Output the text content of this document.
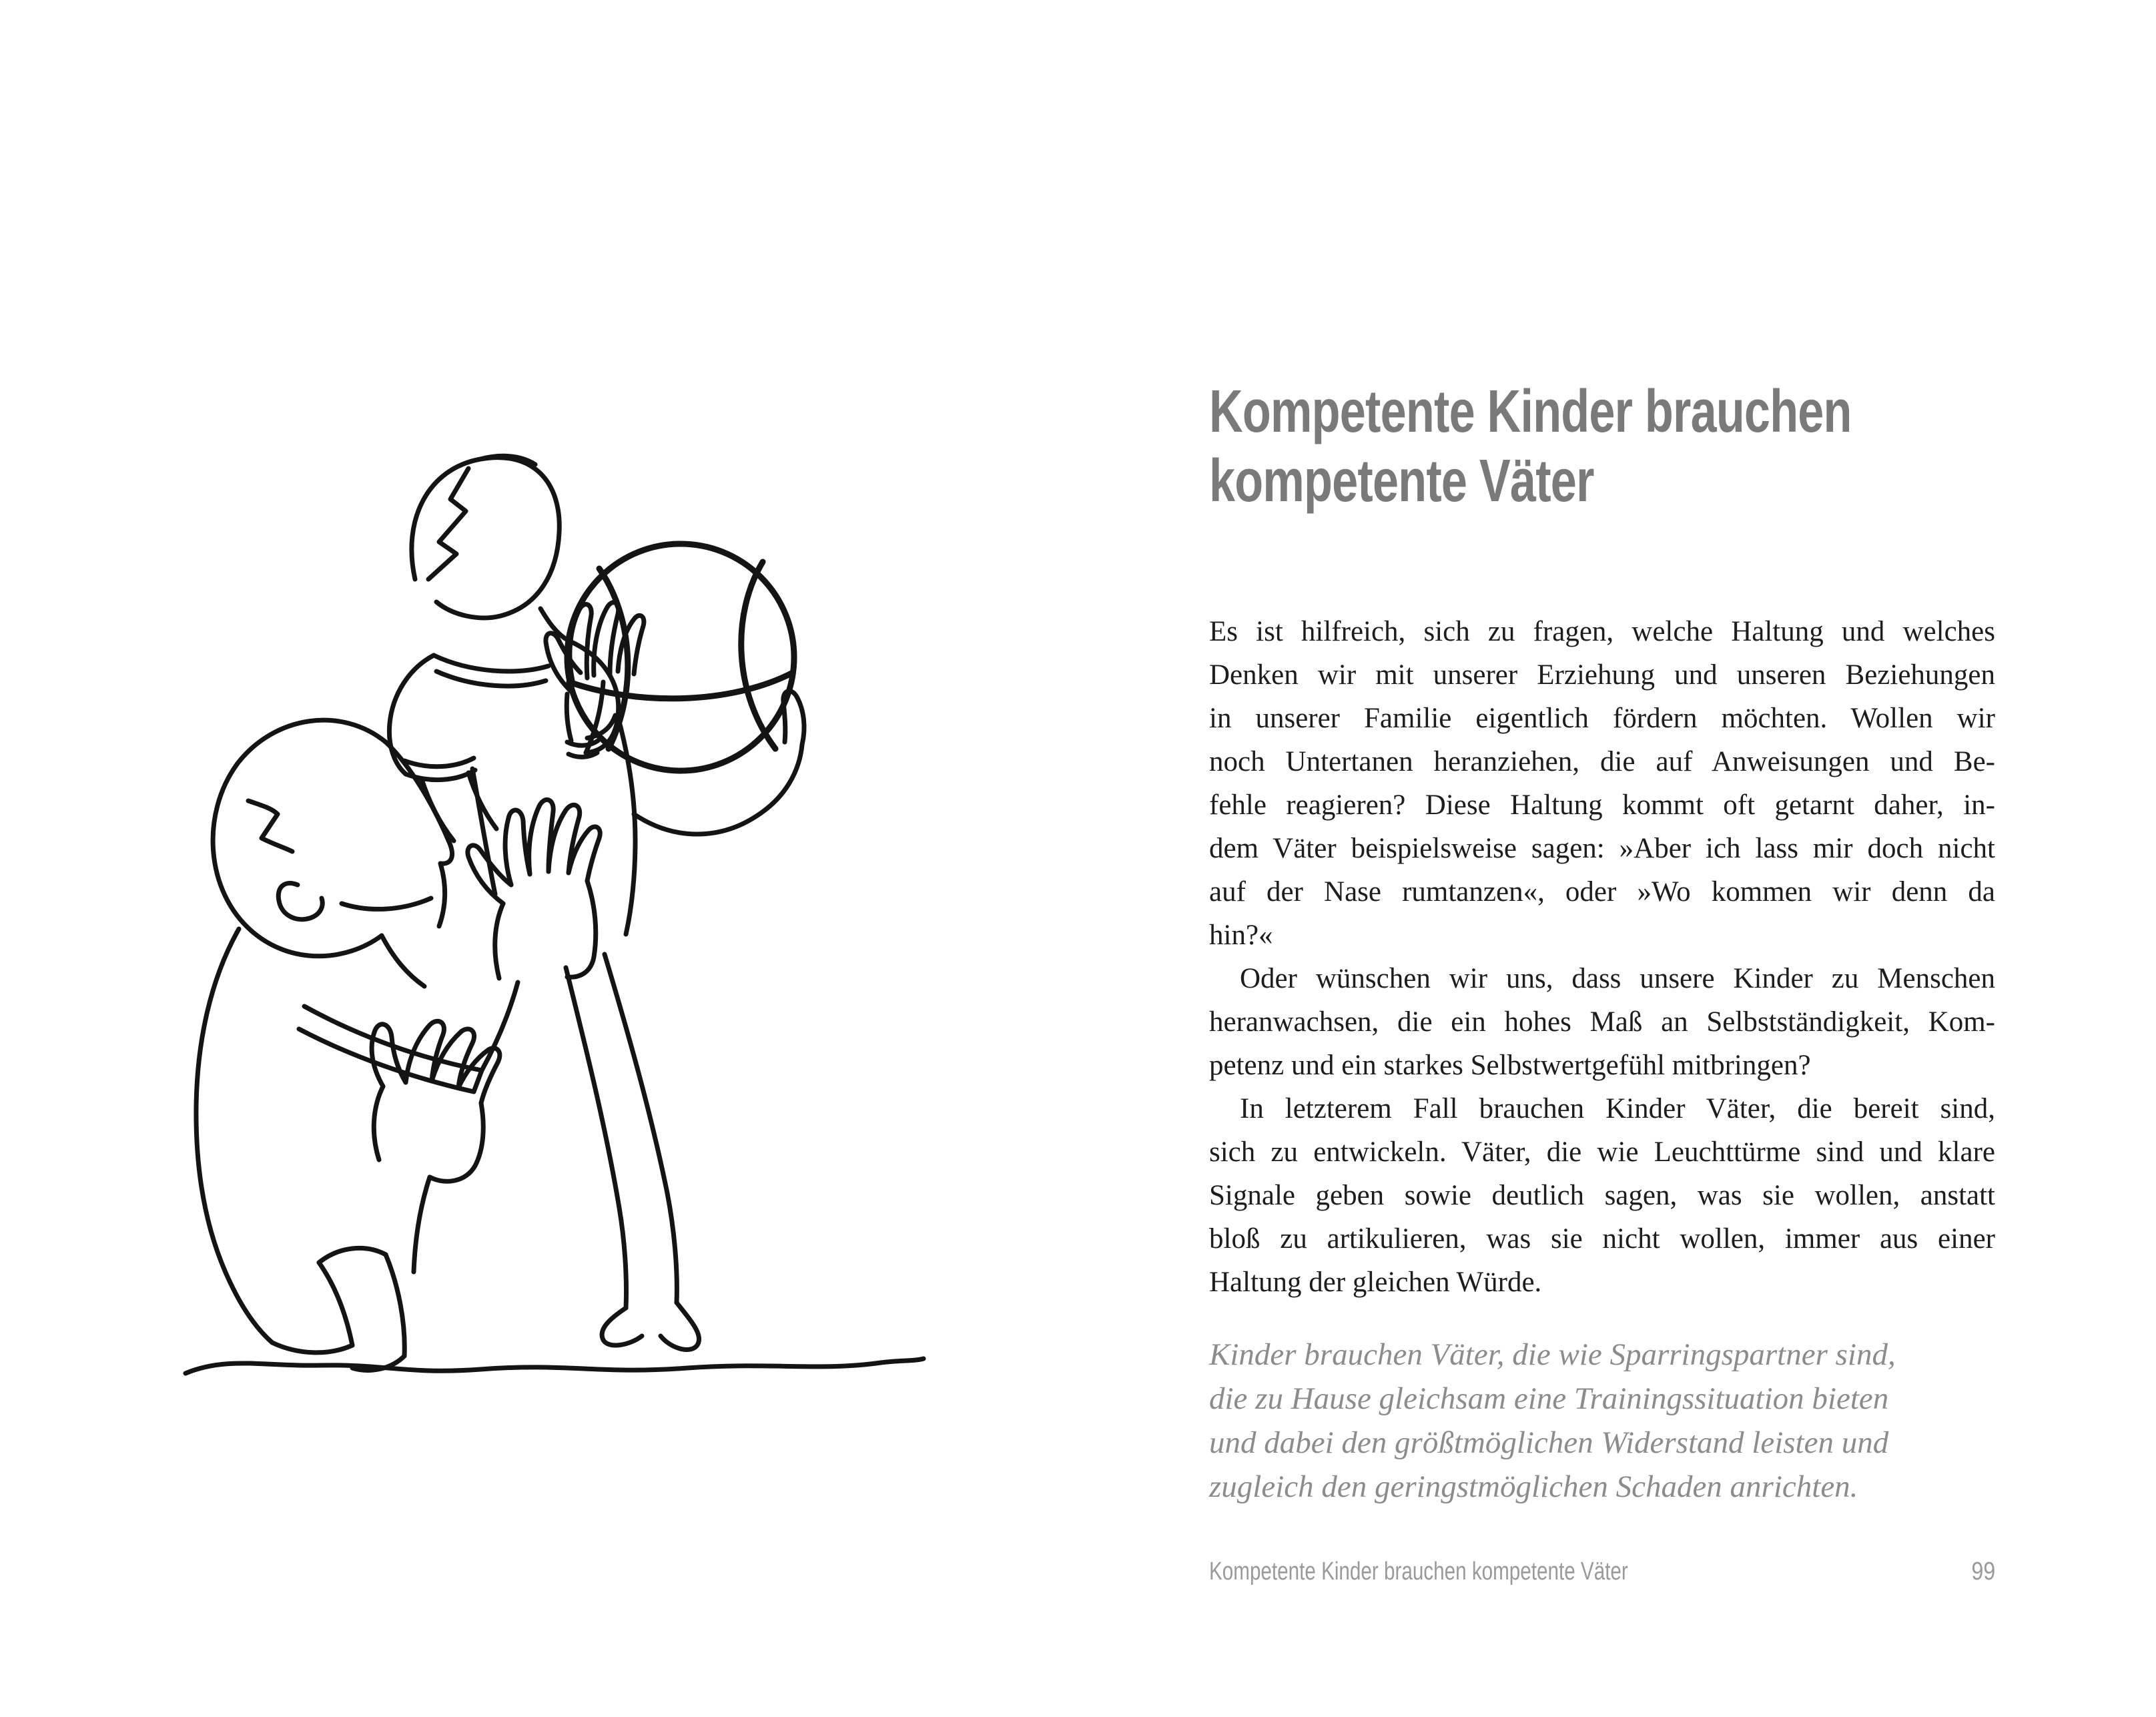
Kompetente Kinder brauchen
kompetente Väter
Es ist hilfreich, sich zu fragen, welche Haltung und welches
Denken wir mit unserer Erziehung und unseren Beziehungen
in unserer Familie eigentlich fördern möchten. Wollen wir
noch Untertanen heranziehen, die auf Anweisungen und Be-
fehle reagieren? Diese Haltung kommt oft getarnt daher, in-
dem Väter beispielsweise sagen: »Aber ich lass mir doch nicht
auf der Nase rumtanzen«, oder »Wo kommen wir denn da
hin?«
Oder wünschen wir uns, dass unsere Kinder zu Menschen
heranwachsen, die ein hohes Maß an Selbstständigkeit, Kom-
petenz und ein starkes Selbstwertgefühl mitbringen?
In letzterem Fall brauchen Kinder Väter, die bereit sind,
sich zu entwickeln. Väter, die wie Leuchttürme sind und klare
Signale geben sowie deutlich sagen, was sie wollen, anstatt
bloß zu artikulieren, was sie nicht wollen, immer aus einer
Haltung der gleichen Würde.
Kinder brauchen Väter, die wie Sparringspartner sind,
die zu Hause gleichsam eine Trainingssituation bieten
und dabei den größtmöglichen Widerstand leisten und
zugleich den geringstmöglichen Schaden anrichten.
Kompetente Kinder brauchen kompetente Väter	99
